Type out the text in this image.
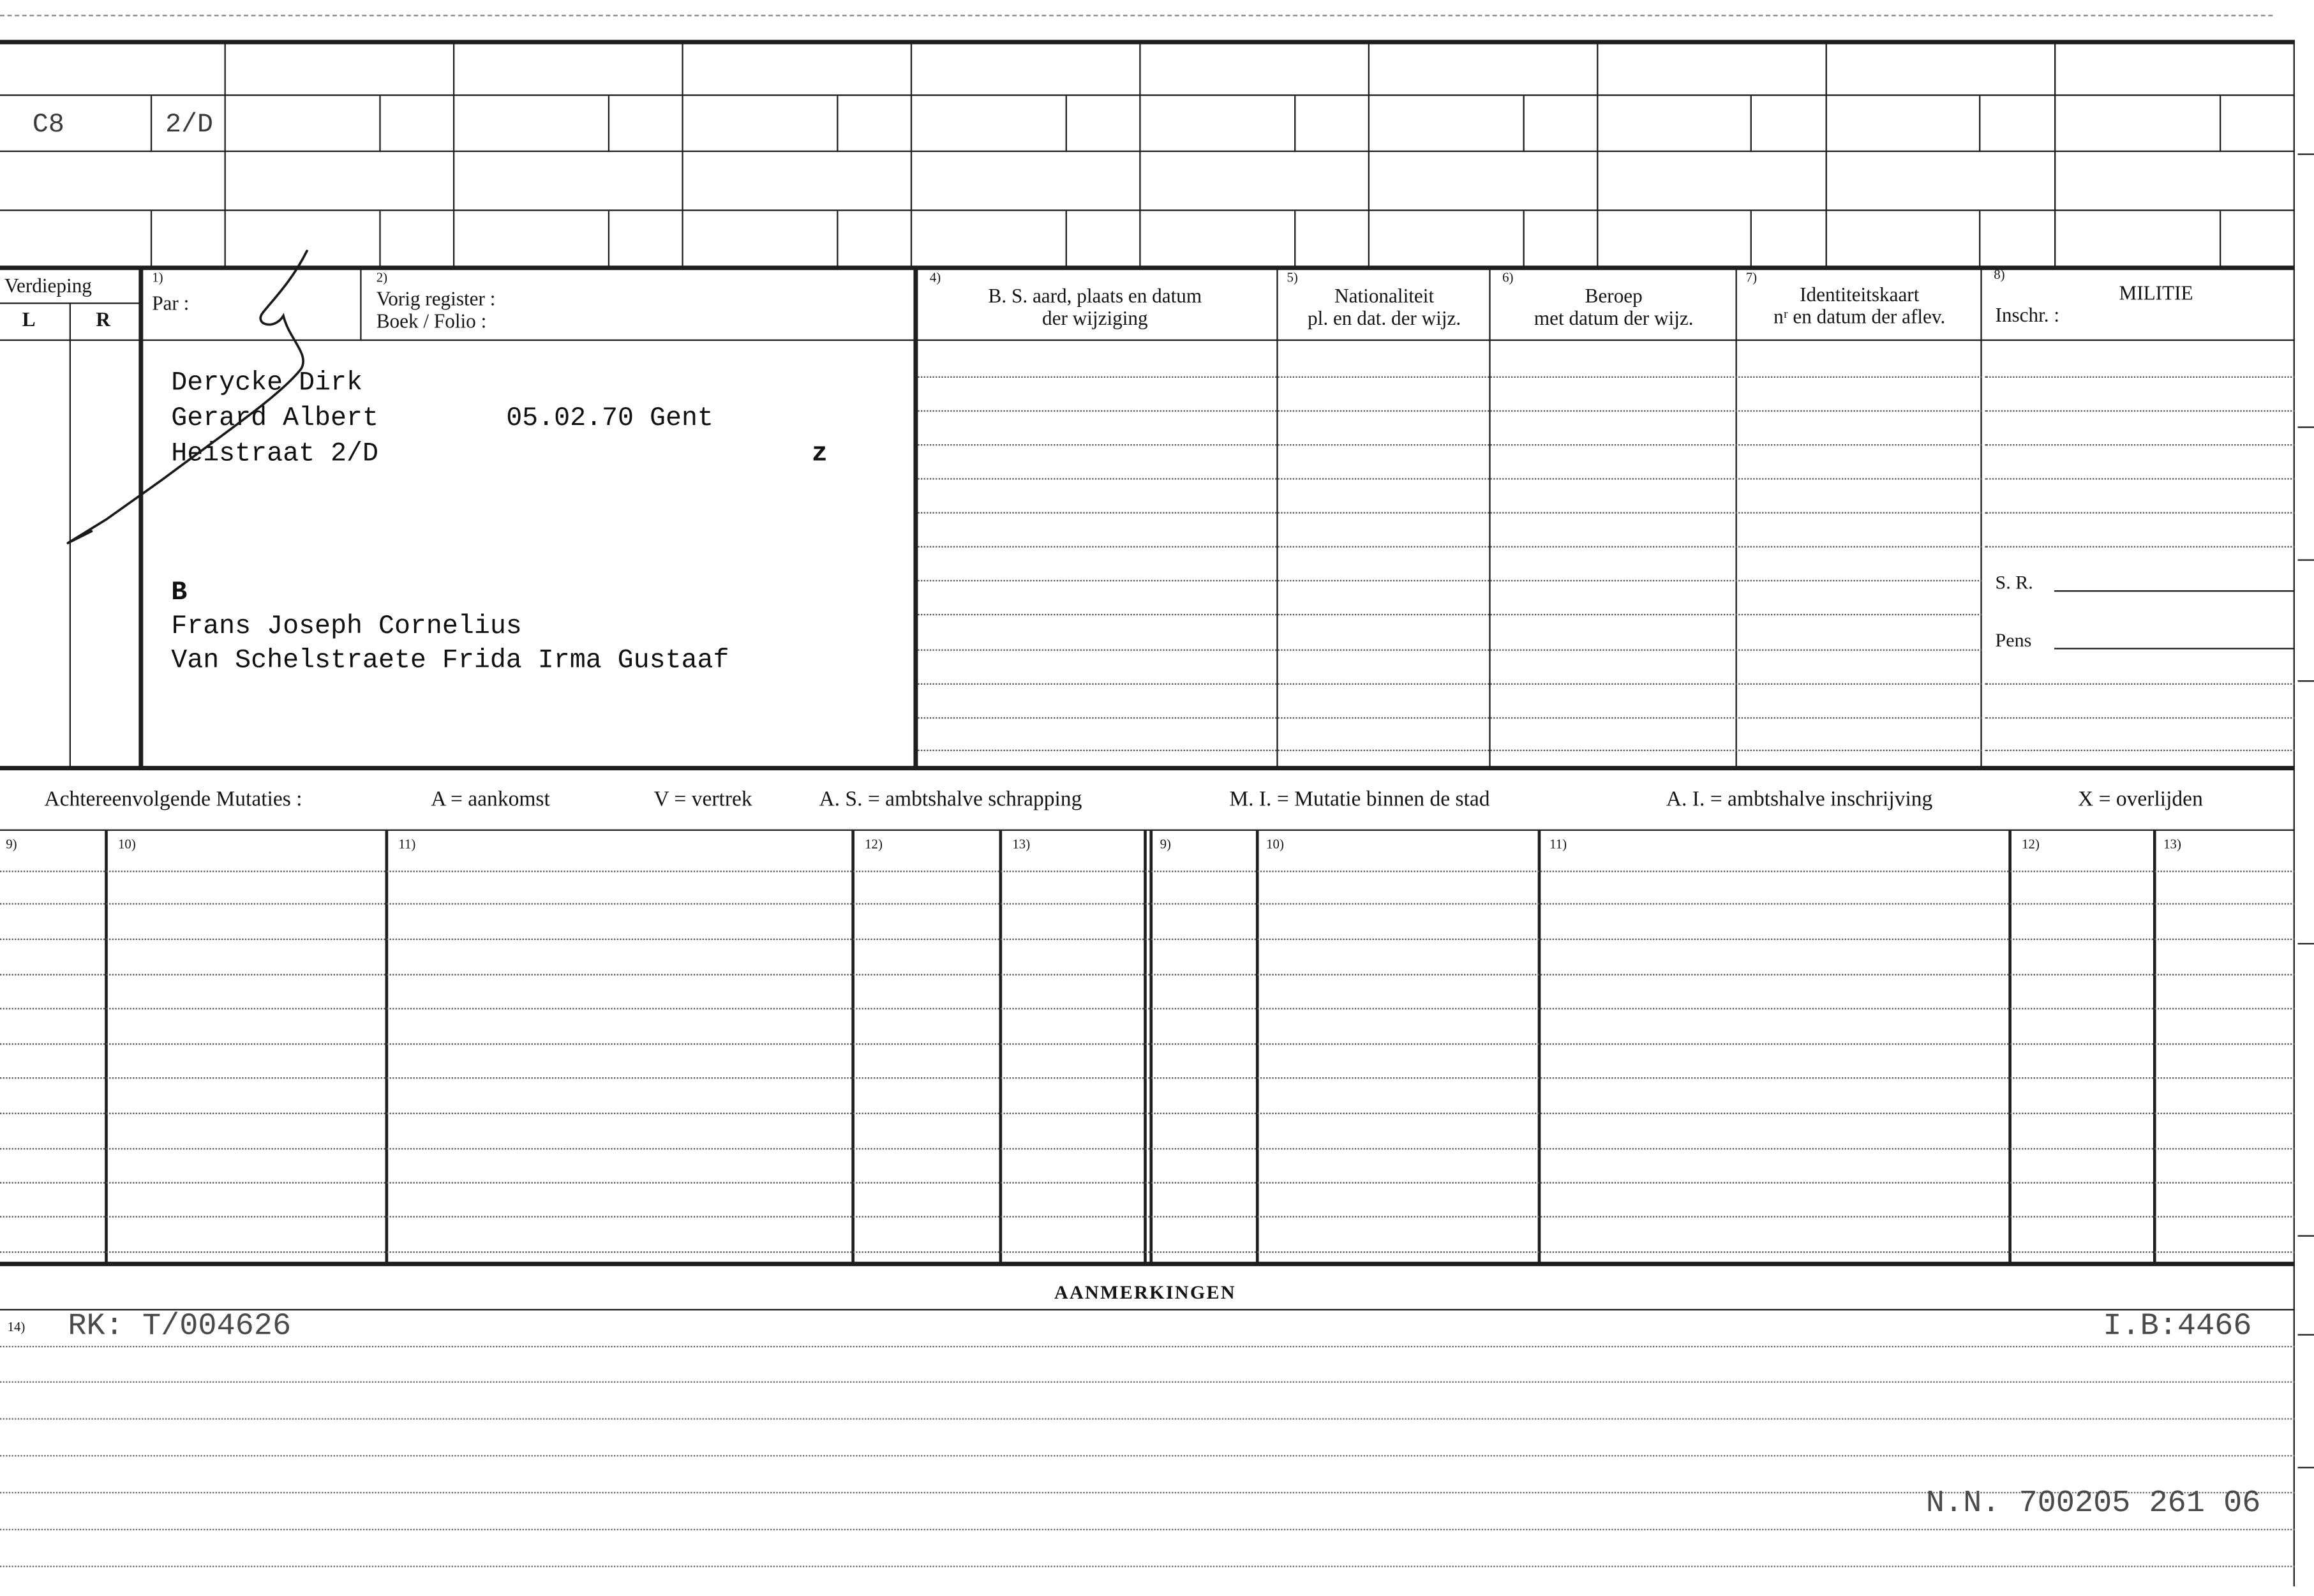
C8	2/D
Verdieping
L	R
1)
Par :
2)
Vorig register :
Boek / Folio :
4)
B. S. aard, plaats en datum
der wijziging
5)
Nationaliteit
pl. en dat. der wijz.
6)
Beroep
met datum der wijz.
7)
Identiteitskaart
nʳ en datum der aflev.
8)
MILITIE
Inschr. :
S. R.
Pens
Derycke Dirk
Gerard Albert	05.02.70 Gent
Heistraat 2/D	z
B
Frans Joseph Cornelius
Van Schelstraete Frida Irma Gustaaf
Achtereenvolgende Mutaties :	A = aankomst	V = vertrek	A. S. = ambtshalve schrapping	M. I. = Mutatie binnen de stad	A. I. = ambtshalve inschrijving	X = overlijden
9)	10)	11)	12)	13)	9)	10)	11)	12)	13)
AANMERKINGEN
14)	RK: T/004626	I.B:4466
N.N. 700205 261 06
